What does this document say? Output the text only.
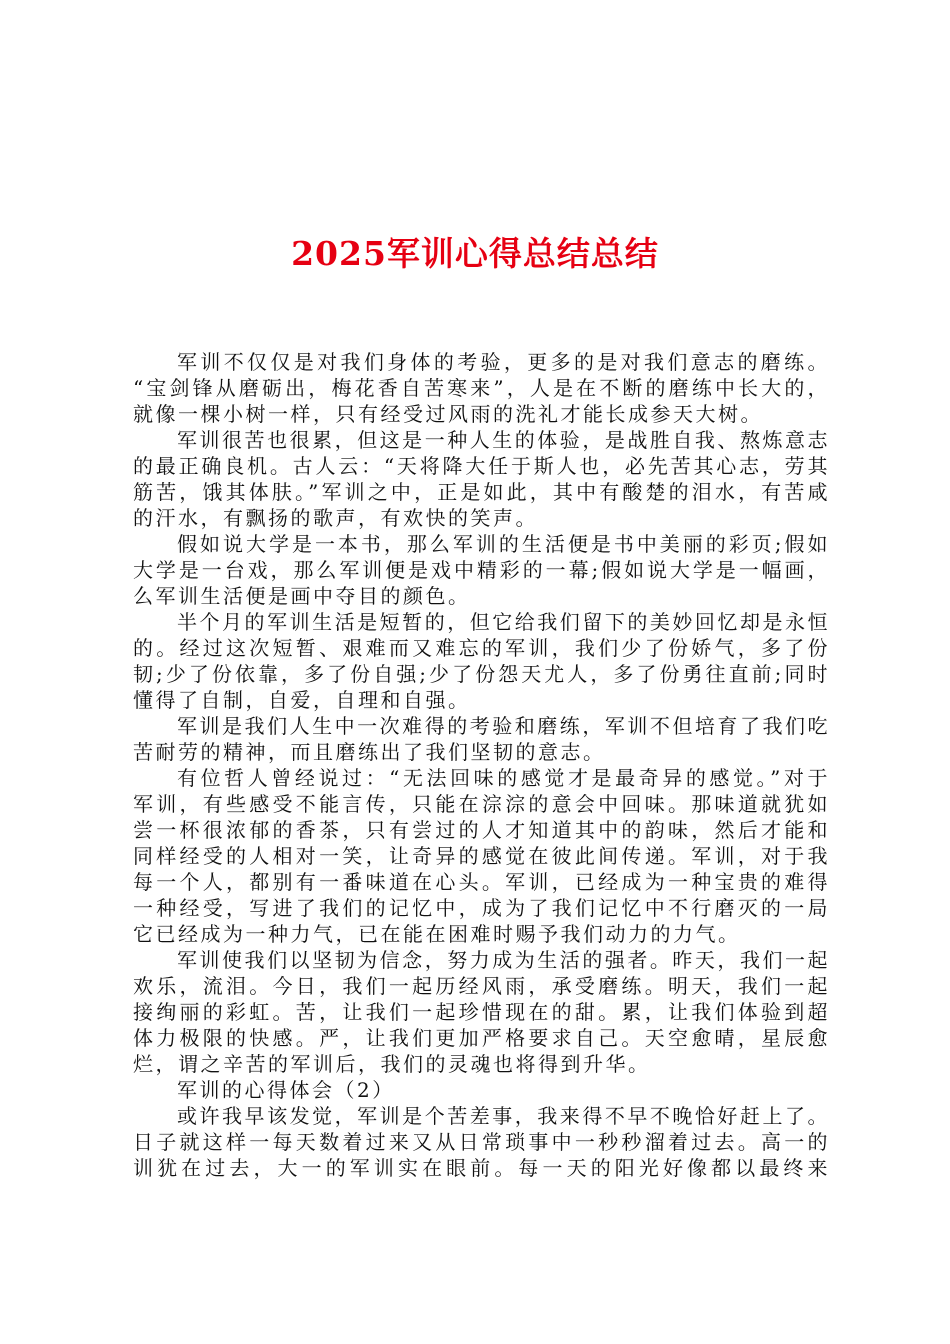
2025军训心得总结总结
军训不仅仅是对我们身体的考验，更多的是对我们意志的磨练。
“宝剑锋从磨砺出，梅花香自苦寒来”，人是在不断的磨练中长大的，
就像一棵小树一样，只有经受过风雨的洗礼才能长成参天大树。
军训很苦也很累，但这是一种人生的体验，是战胜自我、熬炼意志
的最正确良机。古人云：“天将降大任于斯人也，必先苦其心志，劳其
筋苦，饿其体肤。”军训之中，正是如此，其中有酸楚的泪水，有苦咸
的汗水，有飘扬的歌声，有欢快的笑声。
假如说大学是一本书，那么军训的生活便是书中美丽的彩页;假如
大学是一台戏，那么军训便是戏中精彩的一幕;假如说大学是一幅画，
么军训生活便是画中夺目的颜色。
半个月的军训生活是短暂的，但它给我们留下的美妙回忆却是永恒
的。经过这次短暂、艰难而又难忘的军训，我们少了份娇气，多了份
韧;少了份依靠，多了份自强;少了份怨天尤人，多了份勇往直前;同时
懂得了自制，自爱，自理和自强。
军训是我们人生中一次难得的考验和磨练，军训不但培育了我们吃
苦耐劳的精神，而且磨练出了我们坚韧的意志。
有位哲人曾经说过：“无法回味的感觉才是最奇异的感觉。”对于
军训，有些感受不能言传，只能在淙淙的意会中回味。那味道就犹如
尝一杯很浓郁的香茶，只有尝过的人才知道其中的韵味，然后才能和
同样经受的人相对一笑，让奇异的感觉在彼此间传递。军训，对于我
每一个人，都别有一番味道在心头。军训，已经成为一种宝贵的难得
一种经受，写进了我们的记忆中，成为了我们记忆中不行磨灭的一局
它已经成为一种力气，已在能在困难时赐予我们动力的力气。
军训使我们以坚韧为信念，努力成为生活的强者。昨天，我们一起
欢乐，流泪。今日，我们一起历经风雨，承受磨练。明天，我们一起
接绚丽的彩虹。苦，让我们一起珍惜现在的甜。累，让我们体验到超
体力极限的快感。严，让我们更加严格要求自己。天空愈晴，星辰愈
烂，谓之辛苦的军训后，我们的灵魂也将得到升华。
军训的心得体会（2）
或许我早该发觉，军训是个苦差事，我来得不早不晚恰好赶上了。
日子就这样一每天数着过来又从日常琐事中一秒秒溜着过去。高一的
训犹在过去，大一的军训实在眼前。每一天的阳光好像都以最终来
